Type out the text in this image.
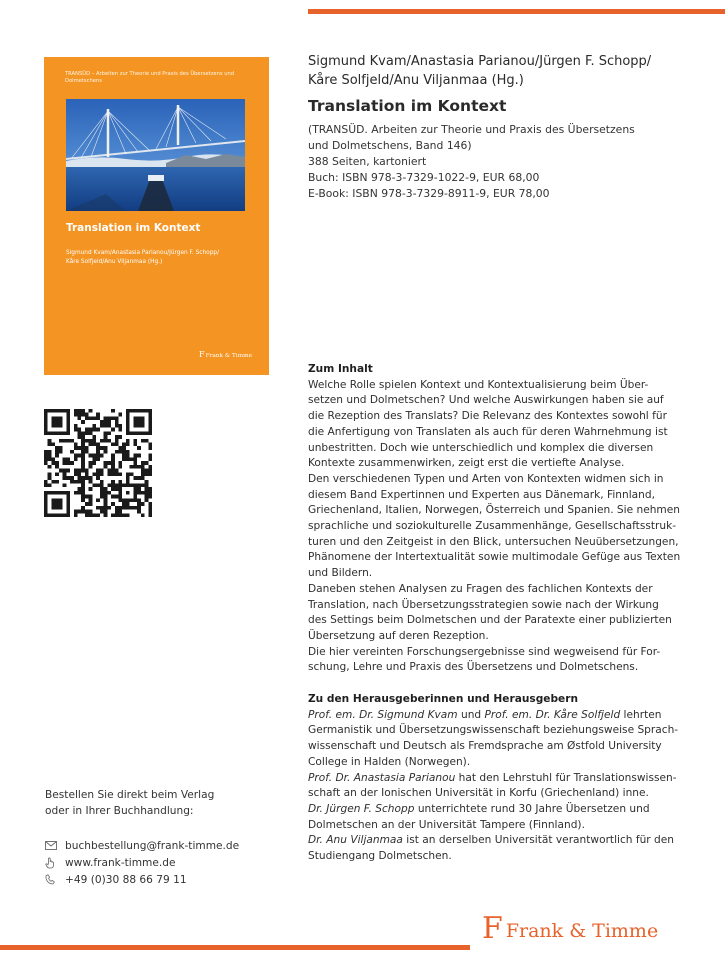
TRANSÜD – Arbeiten zur Theorie und Praxis des Übersetzens und Dolmetschens
Translation im Kontext
Sigmund Kvam/Anastasia Parianou/Jürgen F. Schopp/
Kåre Solfjeld/Anu Viljanmaa (Hg.)
FFrank & Timme
Sigmund Kvam/Anastasia Parianou/Jürgen F. Schopp/
Kåre Solfjeld/Anu Viljanmaa (Hg.)
Translation im Kontext

(TRANSÜD. Arbeiten zur Theorie und Praxis des Übersetzens

und Dolmetschens, Band 146)

388 Seiten, kartoniert

Buch: ISBN 978-3-7329-1022-9, EUR 68,00

E-Book: ISBN 978-3-7329-8911-9, EUR 78,00

Zum Inhalt

Welche Rolle spielen Kontext und Kontextualisierung beim Über-

setzen und Dolmetschen? Und welche Auswirkungen haben sie auf

die Rezeption des Translats? Die Relevanz des Kontextes sowohl für

die Anfertigung von Translaten als auch für deren Wahrnehmung ist

unbestritten. Doch wie unterschiedlich und komplex die diversen

Kontexte zusammenwirken, zeigt erst die vertiefte Analyse.

Den verschiedenen Typen und Arten von Kontexten widmen sich in

diesem Band Expertinnen und Experten aus Dänemark, Finnland,

Griechenland, Italien, Norwegen, Österreich und Spanien. Sie nehmen

sprachliche und soziokulturelle Zusammenhänge, Gesellschaftsstruk-

turen und den Zeitgeist in den Blick, untersuchen Neuübersetzungen,

Phänomene der Intertextualität sowie multimodale Gefüge aus Texten

und Bildern.

Daneben stehen Analysen zu Fragen des fachlichen Kontexts der

Translation, nach Übersetzungsstrategien sowie nach der Wirkung

des Settings beim Dolmetschen und der Paratexte einer publizierten

Übersetzung auf deren Rezeption.

Die hier vereinten Forschungsergebnisse sind wegweisend für For-

schung, Lehre und Praxis des Übersetzens und Dolmetschens.

Zu den Herausgeberinnen und Herausgebern

Prof. em. Dr. Sigmund Kvam und Prof. em. Dr. Kåre Solfjeld lehrten

Germanistik und Übersetzungswissenschaft beziehungsweise Sprach-

wissenschaft und Deutsch als Fremdsprache am Østfold University

College in Halden (Norwegen).

Prof. Dr. Anastasia Parianou hat den Lehrstuhl für Translationswissen-

schaft an der Ionischen Universität in Korfu (Griechenland) inne.

Dr. Jürgen F. Schopp unterrichtete rund 30 Jahre Übersetzen und

Dolmetschen an der Universität Tampere (Finnland).

Dr. Anu Viljanmaa ist an derselben Universität verantwortlich für den

Studiengang Dolmetschen.

Bestellen Sie direkt beim Verlag

oder in Ihrer Buchhandlung:

buchbestellung@frank-timme.de
www.frank-timme.de
+49 (0)30 88 66 79 11
F Frank & Timme
